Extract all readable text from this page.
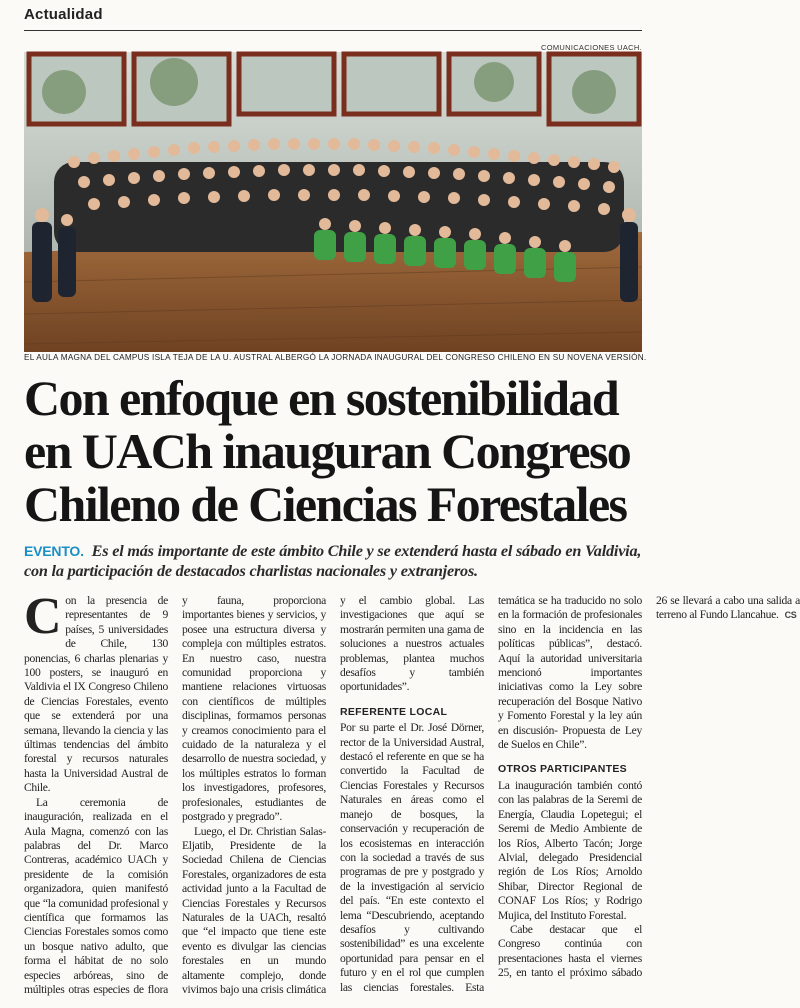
Actualidad
COMUNICACIONES UACH.
EL AULA MAGNA DEL CAMPUS ISLA TEJA DE LA U. AUSTRAL ALBERGÓ LA JORNADA INAUGURAL DEL CONGRESO CHILENO EN SU NOVENA VERSIÓN.
Con enfoque en sostenibilidad
en UACh inauguran Congreso
Chileno de Ciencias Forestales
EVENTO. Es el más importante de este ámbito Chile y se extenderá hasta el sábado en Valdivia, con la participación de destacados charlistas nacionales y extranjeros.

Con la presencia de representantes de 9 países, 5 universidades de Chile, 130 ponencias, 6 charlas plenarias y 100 posters, se inauguró en Valdivia el IX Congreso Chileno de Ciencias Forestales, evento que se extenderá por una semana, llevando la ciencia y las últimas tendencias del ámbito forestal y recursos naturales hasta la Universidad Austral de Chile.

La ceremonia de inauguración, realizada en el Aula Magna, comenzó con las palabras del Dr. Marco Contreras, académico UACh y presidente de la comisión organizadora, quien manifestó que “la comunidad profesional y científica que formamos las Ciencias Forestales somos como un bosque nativo adulto, que forma el hábitat de no solo especies arbóreas, sino de múltiples otras especies de flora y fauna, proporciona importantes bienes y servicios, y posee una estructura diversa y compleja con múltiples estratos. En nuestro caso, nuestra comunidad proporciona y mantiene relaciones virtuosas con científicos de múltiples disciplinas, formamos personas y creamos conocimiento para el cuidado de la naturaleza y el desarrollo de nuestra sociedad, y los múltiples estratos lo forman los investigadores, profesores, profesionales, estudiantes de postgrado y pregrado”.

Luego, el Dr. Christian Salas-Eljatib, Presidente de la Sociedad Chilena de Ciencias Forestales, organizadores de esta actividad junto a la Facultad de Ciencias Forestales y Recursos Naturales de la UACh, resaltó que “el impacto que tiene este evento es divulgar las ciencias forestales en un mundo altamente complejo, donde vivimos bajo una crisis climática y el cambio global. Las investigaciones que aquí se mostrarán permiten una gama de soluciones a nuestros actuales problemas, plantea muchos desafíos y también oportunidades”.

REFERENTE LOCAL

Por su parte el Dr. José Dörner, rector de la Universidad Austral, destacó el referente en que se ha convertido la Facultad de Ciencias Forestales y Recursos Naturales en áreas como el manejo de bosques, la conservación y recuperación de los ecosistemas en interacción con la sociedad a través de sus programas de pre y postgrado y de la investigación al servicio del país. “En este contexto el lema “Descubriendo, aceptando desafíos y cultivando sostenibilidad” es una excelente oportunidad para pensar en el futuro y en el rol que cumplen las ciencias forestales. Esta temática se ha traducido no solo en la formación de profesionales sino en la incidencia en las políticas públicas”, destacó. Aquí la autoridad universitaria mencionó importantes iniciativas como la Ley sobre recuperación del Bosque Nativo y Fomento Forestal y la ley aún en discusión- Propuesta de Ley de Suelos en Chile”.

OTROS PARTICIPANTES

La inauguración también contó con las palabras de la Seremi de Energía, Claudia Lopetegui; el Seremi de Medio Ambiente de los Ríos, Alberto Tacón; Jorge Alvial, delegado Presidencial región de Los Ríos; Arnoldo Shibar, Director Regional de CONAF Los Ríos; y Rodrigo Mujica, del Instituto Forestal.

Cabe destacar que el Congreso continúa con presentaciones hasta el viernes 25, en tanto el próximo sábado 26 se llevará a cabo una salida a terreno al Fundo Llancahue. CS
